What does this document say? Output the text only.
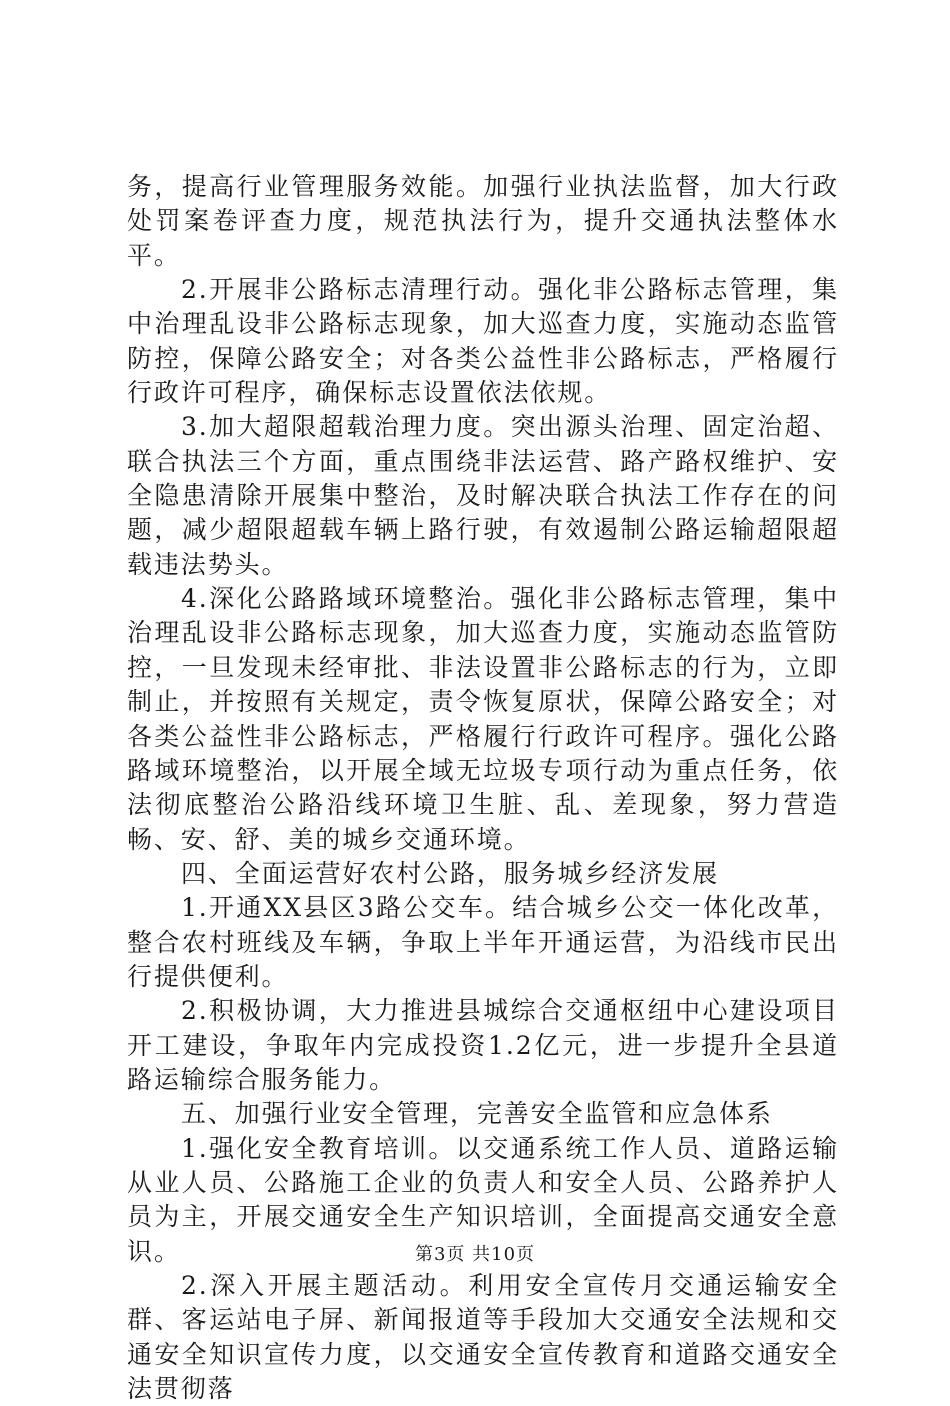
务，提高行业管理服务效能。加强行业执法监督，加大行政处罚案卷评查力度，规范执法行为，提升交通执法整体水平。

2.开展非公路标志清理行动。强化非公路标志管理，集中治理乱设非公路标志现象，加大巡查力度，实施动态监管防控，保障公路安全；对各类公益性非公路标志，严格履行行政许可程序，确保标志设置依法依规。

3.加大超限超载治理力度。突出源头治理、固定治超、联合执法三个方面，重点围绕非法运营、路产路权维护、安全隐患清除开展集中整治，及时解决联合执法工作存在的问题，减少超限超载车辆上路行驶，有效遏制公路运输超限超载违法势头。

4.深化公路路域环境整治。强化非公路标志管理，集中治理乱设非公路标志现象，加大巡查力度，实施动态监管防控，一旦发现未经审批、非法设置非公路标志的行为，立即制止，并按照有关规定，责令恢复原状，保障公路安全；对各类公益性非公路标志，严格履行行政许可程序。强化公路路域环境整治，以开展全域无垃圾专项行动为重点任务，依法彻底整治公路沿线环境卫生脏、乱、差现象，努力营造畅、安、舒、美的城乡交通环境。

四、全面运营好农村公路，服务城乡经济发展

1.开通XX县区3路公交车。结合城乡公交一体化改革，整合农村班线及车辆，争取上半年开通运营，为沿线市民出行提供便利。

2.积极协调，大力推进县城综合交通枢纽中心建设项目开工建设，争取年内完成投资1.2亿元，进一步提升全县道路运输综合服务能力。

五、加强行业安全管理，完善安全监管和应急体系

1.强化安全教育培训。以交通系统工作人员、道路运输从业人员、公路施工企业的负责人和安全人员、公路养护人员为主，开展交通安全生产知识培训，全面提高交通安全意识。

2.深入开展主题活动。利用安全宣传月交通运输安全群、客运站电子屏、新闻报道等手段加大交通安全法规和交通安全知识宣传力度，以交通安全宣传教育和道路交通安全法贯彻落

第3页 共10页
